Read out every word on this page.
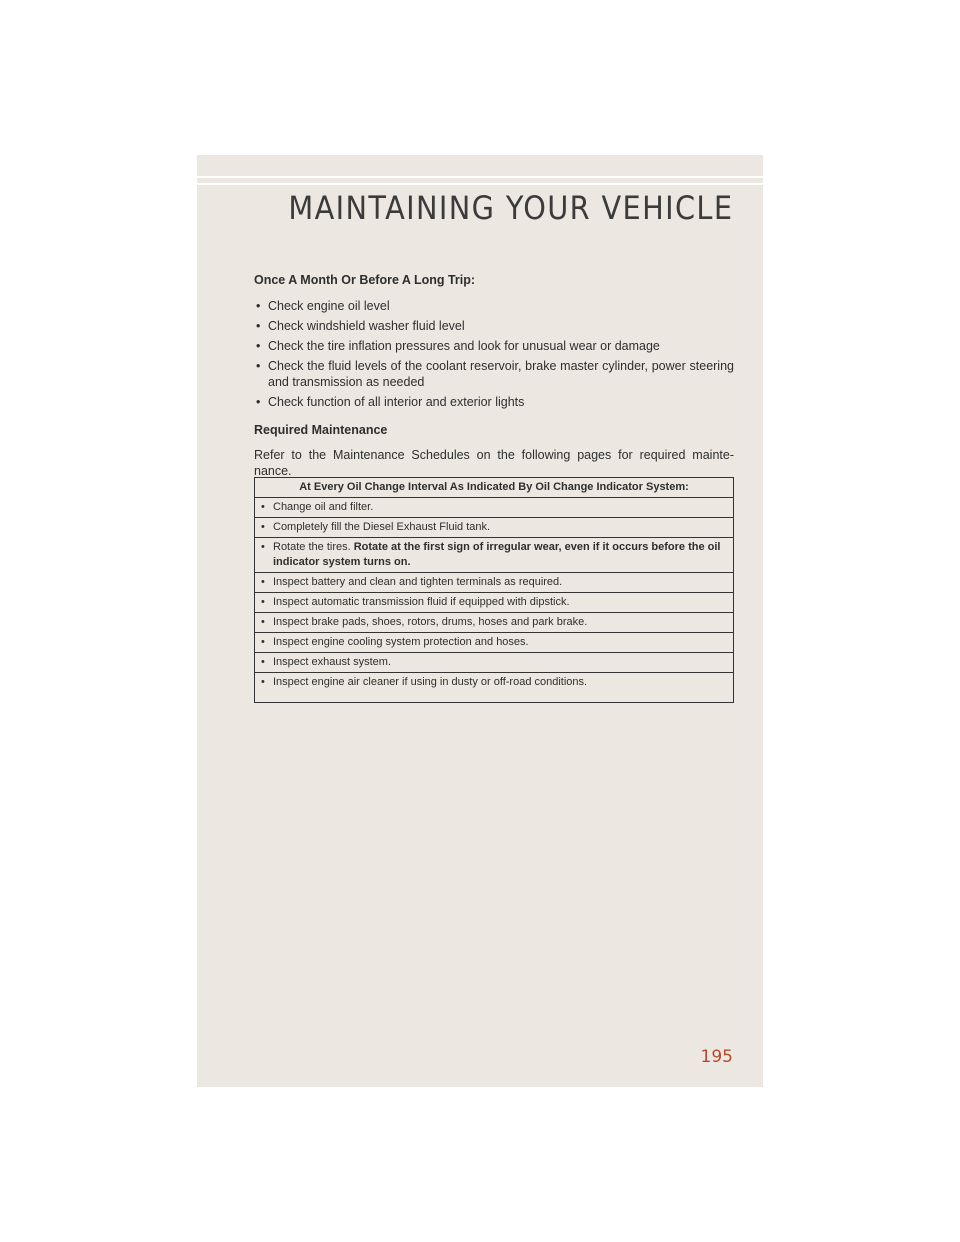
MAINTAINING YOUR VEHICLE

Once A Month Or Before A Long Trip:

• Check engine oil level
• Check windshield washer fluid level
• Check the tire inflation pressures and look for unusual wear or damage
• Check the fluid levels of the coolant reservoir, brake master cylinder, power steering and transmission as needed
• Check function of all interior and exterior lights

Required Maintenance

Refer to the Maintenance Schedules on the following pages for required mainte-nance.

At Every Oil Change Interval As Indicated By Oil Change Indicator System:
• Change oil and filter.
• Completely fill the Diesel Exhaust Fluid tank.
• Rotate the tires. Rotate at the first sign of irregular wear, even if it occurs before the oil
indicator system turns on.

• Inspect battery and clean and tighten terminals as required.
• Inspect automatic transmission fluid if equipped with dipstick.
• Inspect brake pads, shoes, rotors, drums, hoses and park brake.
• Inspect engine cooling system protection and hoses.
• Inspect exhaust system.
• Inspect engine air cleaner if using in dusty or off-road conditions.

195
